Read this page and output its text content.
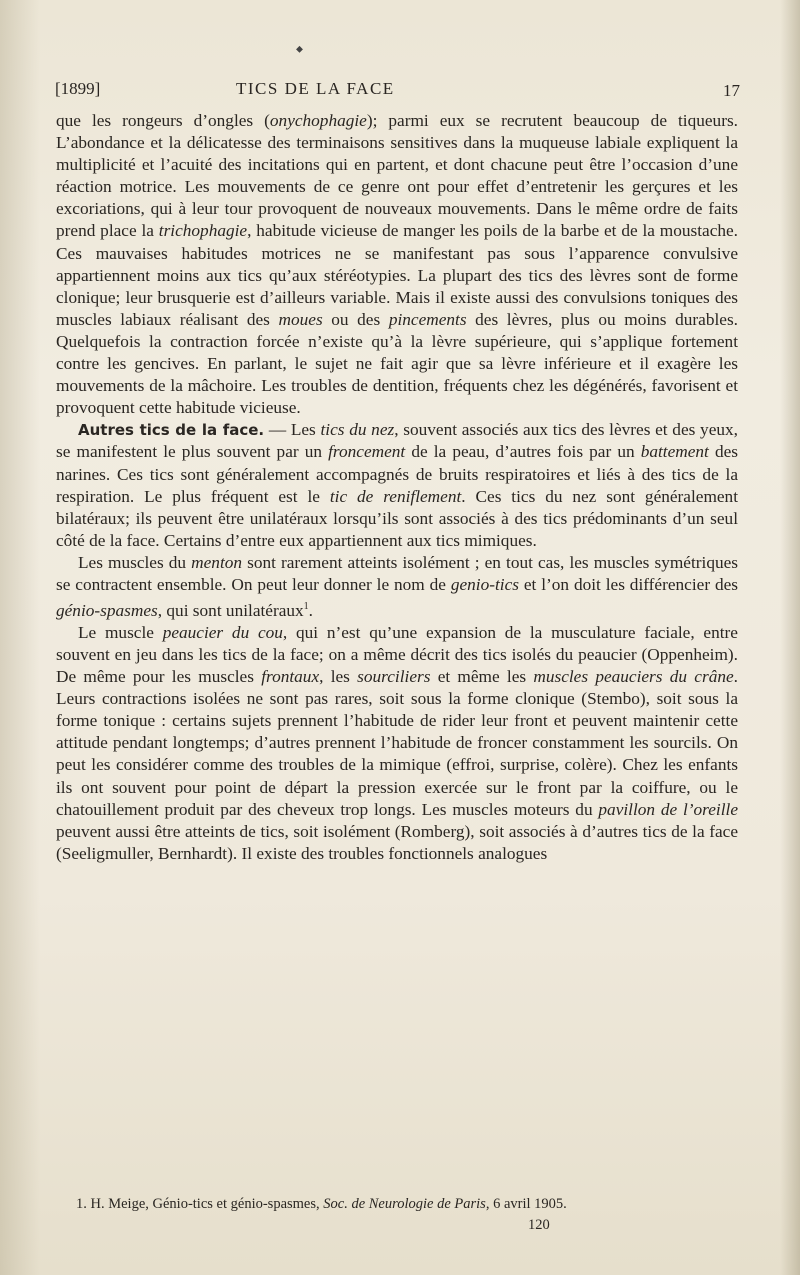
⬥
[1899]	TICS DE LA FACE	17

que les rongeurs d’ongles (onychophagie); parmi eux se recrutent beaucoup de tiqueurs. L’abondance et la délicatesse des terminaisons sensitives dans la muqueuse labiale expliquent la multiplicité et l’acuité des incitations qui en partent, et dont chacune peut être l’occasion d’une réaction motrice. Les mouvements de ce genre ont pour effet d’entretenir les gerçures et les excoriations, qui à leur tour provoquent de nouveaux mouvements. Dans le même ordre de faits prend place la trichophagie, habitude vicieuse de manger les poils de la barbe et de la moustache. Ces mauvaises habitudes motrices ne se manifestant pas sous l’apparence convulsive appartiennent moins aux tics qu’aux stéréotypies. La plupart des tics des lèvres sont de forme clonique; leur brusquerie est d’ailleurs variable. Mais il existe aussi des convulsions toniques des muscles labiaux réalisant des moues ou des pincements des lèvres, plus ou moins durables. Quelquefois la contraction forcée n’existe qu’à la lèvre supérieure, qui s’applique fortement contre les gencives. En parlant, le sujet ne fait agir que sa lèvre inférieure et il exagère les mouvements de la mâchoire. Les troubles de dentition, fréquents chez les dégénérés, favorisent et provoquent cette habitude vicieuse.

Autres tics de la face. — Les tics du nez, souvent associés aux tics des lèvres et des yeux, se manifestent le plus souvent par un froncement de la peau, d’autres fois par un battement des narines. Ces tics sont généralement accompagnés de bruits respiratoires et liés à des tics de la respiration. Le plus fréquent est le tic de reniflement. Ces tics du nez sont généralement bilatéraux; ils peuvent être unilatéraux lorsqu’ils sont associés à des tics prédominants d’un seul côté de la face. Certains d’entre eux appartiennent aux tics mimiques.

Les muscles du menton sont rarement atteints isolément ; en tout cas, les muscles symétriques se contractent ensemble. On peut leur donner le nom de genio-tics et l’on doit les différencier des génio-spasmes, qui sont unilatéraux$^1$.

Le muscle peaucier du cou, qui n’est qu’une expansion de la musculature faciale, entre souvent en jeu dans les tics de la face; on a même décrit des tics isolés du peaucier (Oppenheim). De même pour les muscles frontaux, les sourciliers et même les muscles peauciers du crâne. Leurs contractions isolées ne sont pas rares, soit sous la forme clonique (Stembo), soit sous la forme tonique : certains sujets prennent l’habitude de rider leur front et peuvent maintenir cette attitude pendant longtemps; d’autres prennent l’habitude de froncer constamment les sourcils. On peut les considérer comme des troubles de la mimique (effroi, surprise, colère). Chez les enfants ils ont souvent pour point de départ la pression exercée sur le front par la coiffure, ou le chatouillement produit par des cheveux trop longs. Les muscles moteurs du pavillon de l’oreille peuvent aussi être atteints de tics, soit isolément (Romberg), soit associés à d’autres tics de la face (Seeligmuller, Bernhardt). Il existe des troubles fonctionnels analogues

1. H. Meige, Génio-tics et génio-spasmes, Soc. de Neurologie de Paris, 6 avril 1905.
120
